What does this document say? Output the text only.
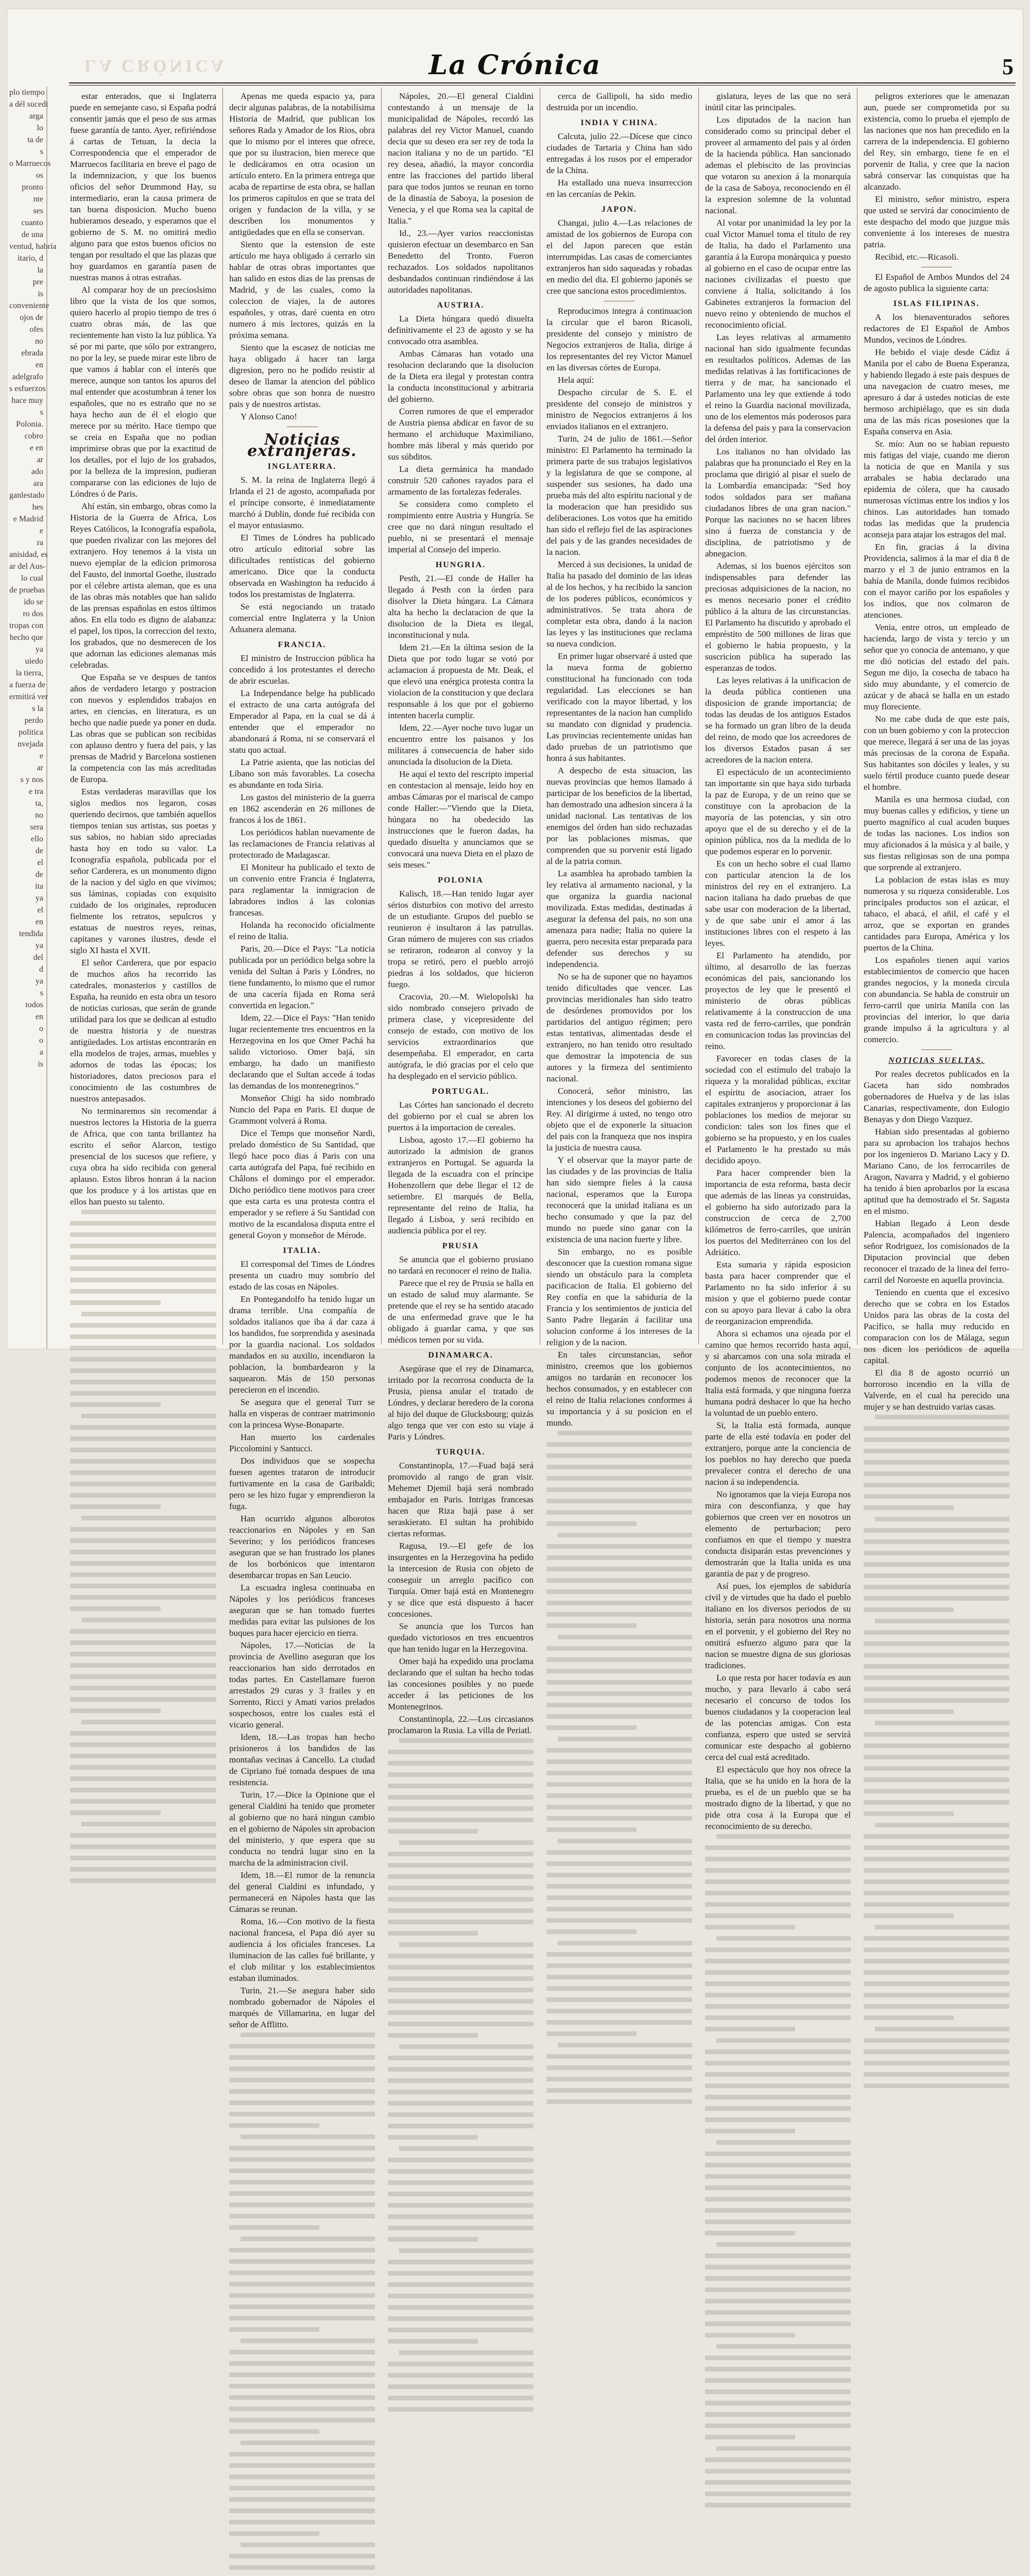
LA CRÓNICA	La Crónica	5

plo tiempo

a dél sucedi

arga

lo

ta de

s

o Marruecos

os

pronto

nte

ses

cuanto

de una

ventud, habría

itario, d

la

pre

is

conveniente

ojos de

ofes

no

ebrada

en

adelgrafo

s esfuerzos

hace muy

s

Polonia.

cobro

e en

ar

ado

ara

ganlestado

hes

e Madrid

e

ra

anisidad, es

ar del Aus-

lo cual

de pruebas

ido se

ro dos

tropas con

hecho que

ya

uiedo

la tierra,

a fuerza de

ermitirá ver

s la

perdo

politica

nvejada

e

ar

s y nos

e tra

ta,

no

sera

ello

de

el

de

ita

ya

el

en

tendida

ya

del

d

ya

s

todos

en

o

o

a

is

estar enterados, que si Inglaterra puede en semejante caso, si España podrá consentir jamás que el peso de sus armas fuese garantía de tanto. Ayer, refiriéndose á cartas de Tetuan, la decia la Correspondencia que el emperador de Marruecos facilitaria en breve el pago de la indemnizacion, y que los buenos oficios del señor Drummond Hay, su intermediario, eran la causa primera de tan buena disposicion. Mucho bueno hubieramos deseado, y esperamos que el gobierno de S. M. no omitirá medio alguno para que estos buenos oficios no tengan por resultado el que las plazas que hoy guardamos en garantía pasen de nuestras manos á otras estrañas.

Al comparar hoy de un precioslsimo libro que la vista de los que somos, quiero hacerlo al propio tiempo de tres ó cuatro obras más, de las que recientemente han visto la luz pública. Ya sé por mi parte, que sólo por extrangero, no por la ley, se puede mirar este libro de que vamos á hablar con el interés que merece, aunque son tantos los apuros del mal entender que acostumbran á tener los españoles, que no es estraño que no se haya hecho aun de él el elogio que merece por su mérito. Hace tiempo que se creia en España que no podian imprimirse obras que por la exactitud de los detalles, por el lujo de los grabados, por la belleza de la impresion, pudieran compararse con las ediciones de lujo de Lóndres ó de Paris.

Ahí están, sin embargo, obras como la Historia de la Guerra de Africa, Los Reyes Católicos, la Iconografía española, que pueden rivalizar con las mejores del extranjero. Hoy tenemos á la vista un nuevo ejemplar de la edicion primorosa del Fausto, del inmortal Goethe, ilustrado por el célebre artista aleman, que es una de las obras más notables que han salido de las prensas españolas en estos últimos años. En ella todo es digno de alabanza: el papel, los tipos, la correccion del texto, los grabados, que no desmerecen de los que adornan las ediciones alemanas más celebradas.

Que España se ve despues de tantos años de verdadero letargo y postracion con nuevos y esplendidos trabajos en artes, en ciencias, en literatura, es un hecho que nadie puede ya poner en duda. Las obras que se publican son recibidas con aplauso dentro y fuera del pais, y las prensas de Madrid y Barcelona sostienen la competencia con las más acreditadas de Europa.

Estas verdaderas maravillas que los siglos medios nos legaron, cosas queriendo decirnos, que también aquellos tiempos tenian sus artistas, sus poetas y sus sabios, no habian sido apreciadas hasta hoy en todo su valor. La Iconografía española, publicada por el señor Carderera, es un monumento digno de la nacion y del siglo en que vivimos; sus láminas, copiadas con exquisito cuidado de los originales, reproducen fielmente los retratos, sepulcros y estatuas de nuestros reyes, reinas, capitanes y varones ilustres, desde el siglo XI hasta el XVII.

El señor Carderera, que por espacio de muchos años ha recorrido las catedrales, monasterios y castillos de España, ha reunido en esta obra un tesoro de noticias curiosas, que serán de grande utilidad para los que se dedican al estudio de nuestra historia y de nuestras antigüedades. Los artistas encontrarán en ella modelos de trajes, armas, muebles y adornos de todas las épocas; los historiadores, datos preciosos para el conocimiento de las costumbres de nuestros antepasados.

No terminaremos sin recomendar á nuestros lectores la Historia de la guerra de Africa, que con tanta brillantez ha escrito el señor Alarcon, testigo presencial de los sucesos que refiere, y cuya obra ha sido recibida con general aplauso. Estos libros honran á la nacion que los produce y á los artistas que en ellos han puesto su talento.

Apenas me queda espacio ya, para decir algunas palabras, de la notabilísima Historia de Madrid, que publican los señores Rada y Amador de los Rios, obra que lo mismo por el interes que ofrece, que por su ilustracion, bien merece que le dedicáramos en otra ocasion un artículo entero. En la primera entrega que acaba de repartirse de esta obra, se hallan los primeros capítulos en que se trata del origen y fundacion de la villa, y se describen los monumentos y antigüedades que en ella se conservan.

Siento que la estension de este artículo me haya obligado á cerrarlo sin hablar de otras obras importantes que han salido en estos dias de las prensas de Madrid, y de las cuales, como la coleccion de viajes, la de autores españoles, y otras, daré cuenta en otro numero á mis lectores, quizás en la próxima semana.

Siento que la escasez de noticias me haya obligado á hacer tan larga digresion, pero no he podido resistir al deseo de llamar la atencion del público sobre obras que son honra de nuestro pais y de nuestros artistas.

Y Alonso Cano!

Noticias extranjeras.
INGLATERRA.

S. M. la reina de Inglaterra llegó á Irlanda el 21 de agosto, acompañada por el príncipe consorte, é inmediatamente marchó á Dublin, donde fué recibida con el mayor entusiasmo.

El Times de Lóndres ha publicado otro artículo editorial sobre las dificultades rentísticas del gobierno americano. Dice que la conducta observada en Washington ha reducido á todos los prestamistas de Inglaterra.

Se está negociando un tratado comercial entre Inglaterra y la Union Aduanera alemana.

FRANCIA.

El ministro de Instruccion pública ha concedido á los protestantes el derecho de abrir escuelas.

La Independance belge ha publicado el extracto de una carta autógrafa del Emperador al Papa, en la cual se dá á entender que el emperador no abandonará á Roma, ni se conservará el statu quo actual.

La Patrie asienta, que las noticias del Líbano son más favorables. La cosecha es abundante en toda Siria.

Los gastos del ministerio de la guerra en 1862 ascenderán en 26 millones de francos á los de 1861.

Los periódicos hablan nuevamente de las reclamaciones de Francia relativas al protectorado de Madagascar.

El Moniteur ha publicado el texto de un convenio entre Francia é Inglaterra, para reglamentar la inmigracion de labradores indios á las colonias francesas.

Holanda ha reconocido oficialmente el reino de Italia.

Paris, 20.—Dice el Pays: "La noticia publicada por un periódico belga sobre la venida del Sultan á Paris y Lóndres, no tiene fundamento, lo mismo que el rumor de una cacería fijada en Roma será convertida en legacion."

Idem, 22.—Dice el Pays: "Han tenido lugar recientemente tres encuentros en la Herzegovina en los que Omer Pachá ha salido victorioso. Omer bajá, sin embargo, ha dado un manifiesto declarando que el Sultan accede á todas las demandas de los montenegrinos."

Monseñor Chigi ha sido nombrado Nuncio del Papa en Paris. El duque de Grammont volverá á Roma.

Dice el Temps que monseñor Nardi, prelado doméstico de Su Santidad, que llegó hace poco dias á Paris con una carta autógrafa del Papa, fué recibido en Châlons el domingo por el emperador. Dicho periódico tiene motivos para creer que esta carta es una protesta contra el emperador y se refiere á Su Santidad con motivo de la escandalosa disputa entre el general Goyon y monseñor de Mérode.

ITALIA.

El corresponsal del Times de Lóndres presenta un cuadro muy sombrío del estado de las cosas en Nápoles.

En Pontegandolfo ha tenido lugar un drama terrible. Una compañía de soldados italianos que iba á dar caza á los bandidos, fue sorprendida y asesinada por la guardia nacional. Los soldados mandados en su auxilio, incendiaron la poblacion, la bombardearon y la saquearon. Más de 150 personas perecieron en el incendio.

Se asegura que el general Turr se halla en visperas de contraer matrimonio con la princesa Wyse-Bonaparte.

Han muerto los cardenales Piccolomini y Santucci.

Dos individuos que se sospecha fuesen agentes trataron de introducir furtivamente en la casa de Garibaldi; pero se les hizo fugar y emprendieron la fuga.

Han ocurrido algunos alborotos reaccionarios en Nápoles y en San Severino; y los periódicos franceses aseguran que se han frustrado los planes de los borbónicos que intentaron desembarcar tropas en San Leucio.

La escuadra inglesa continuaba en Nápoles y los periódicos franceses aseguran que se han tomado fuertes medidas para evitar las pulsiones de los buques para hacer ejercicio en tierra.

Nápoles, 17.—Noticias de la provincia de Avellino aseguran que los reaccionarios han sido derrotados en todas partes. En Castellamare fueron arrestados 29 curas y 3 frailes y en Sorrento, Ricci y Amati varios prelados sospechosos, entre los cuales está el vicario general.

Idem, 18.—Las tropas han hecho prisioneros á los bandidos de las montañas vecinas á Cancello. La ciudad de Cipriano fué tomada despues de una resistencia.

Turin, 17.—Dice la Opinione que el general Cialdini ha tenido que prometer al gobierno que no hará ningun cambio en el gobierno de Nápoles sin aprobacion del ministerio, y que espera que su conducta no tendrá lugar sino en la marcha de la administracion civil.

Idem, 18.—El rumor de la renuncia del general Cialdini es infundado, y permanecerá en Nápoles hasta que las Cámaras se reunan.

Roma, 16.—Con motivo de la fiesta nacional francesa, el Papa dió ayer su audiencia á los oficiales franceses. La iluminacion de las calles fué brillante, y el club militar y los establecimientos estaban iluminados.

Turin, 21.—Se asegura haber sido nombrado gobernador de Nápoles el marqués de Villamarina, en lugar del señor de Afflitto.

Nápoles, 20.—El general Cialdini contestando á un mensaje de la municipalidad de Nápoles, recordó las palabras del rey Victor Manuel, cuando decia que su deseo era ser rey de toda la nacion italiana y no de un partido. "El rey desea, añadió, la mayor concordia entre las fracciones del partido liberal para que todos juntos se reunan en torno de la dinastía de Saboya, la posesion de Venecia, y el que Roma sea la capital de Italia."

Id., 23.—Ayer varios reaccionistas quisieron efectuar un desembarco en San Benedetto del Tronto. Fueron rechazados. Los soldados napolitanos desbandados continuan rindiéndose á las autoridades napolitanas.

AUSTRIA.

La Dieta húngara quedó disuelta definitivamente el 23 de agosto y se ha convocado otra asamblea.

Ambas Cámaras han votado una resolucion declarando que la disolucion de la Dieta era ilegal y protestan contra la conducta inconstitucional y arbitraria del gobierno.

Corren rumores de que el emperador de Austria piensa abdicar en favor de su hermano el archiduque Maximiliano, hombre más liberal y más querido por sus súbditos.

La dieta germánica ha mandado construir 520 cañones rayados para el armamento de las fortalezas federales.

Se considera como completo el rompimiento entre Austria y Hungría. Se cree que no dará ningun resultado el pueblo, ni se presentará el mensaje imperial al Consejo del imperio.

HUNGRIA.

Pesth, 21.—El conde de Haller ha llegado á Pesth con la órden para disolver la Dieta húngara. La Cámara alta ha hecho la declaracion de que la disolucion de la Dieta es ilegal, inconstitucional y nula.

Idem 21.—En la última sesion de la Dieta que por todo lugar se votó por aclamacion á propuesta de Mr. Deak, el que elevó una enérgica protesta contra la violacion de la constitucion y que declara responsable á los que por el gobierno intenten hacerla cumplir.

Idem, 22.—Ayer noche tuvo lugar un encuentro entre los paisanos y los militares á consecuencia de haber sido anunciada la disolucion de la Dieta.

He aquí el texto del rescripto imperial en contestacion al mensaje, leido hoy en ambas Cámaras por el mariscal de campo conde Haller:—"Viendo que la Dieta, húngara no ha obedecido las instrucciones que le fueron dadas, ha quedado disuelta y anunciamos que se convocará una nueva Dieta en el plazo de seis meses."

POLONIA

Kalisch, 18.—Han tenido lugar ayer sérios disturbios con motivo del arresto de un estudiante. Grupos del pueblo se reunieron é insultaron á las patrullas. Gran número de mujeres con sus criados se retiraron, rodearon al convoy y la tropa se retiró, pero el pueblo arrojó piedras á los soldados, que hicieron fuego.

Cracovia, 20.—M. Wielopolski ha sido nombrado consejero privado de primera clase, y vicepresidente del consejo de estado, con motivo de los servicios extraordinarios que desempeñaba. El emperador, en carta autógrafa, le dió gracias por el celo que ha desplegado en el servicio público.

PORTUGAL.

Las Córtes han sancionado el decreto del gobierno por el cual se abren los puertos á la importacion de cereales.

Lisboa, agosto 17.—El gobierno ha autorizado la admision de granos extranjeros en Portugal. Se aguarda la llegada de la escuadra con el príncipe Hohenzollern que debe llegar el 12 de setiembre. El marqués de Bella, representante del reino de Italia, ha llegado á Lisboa, y será recibido en audiencia pública por el rey.

PRUSIA

Se anuncia que el gobierno prusiano no tardará en reconocer el reino de Italia.

Parece que el rey de Prusia se halla en un estado de salud muy alarmante. Se pretende que el rey se ha sentido atacado de una enfermedad grave que le ha obligado á guardar cama, y que sus médicos temen por su vida.

DINAMARCA.

Asegúrase que el rey de Dinamarca, irritado por la recorrosa conducta de la Prusia, piensa anular el tratado de Lóndres, y declarar heredero de la corona al hijo del duque de Glucksbourg; quizás algo tenga que ver con esto su viaje á Paris y Lóndres.

TURQUIA.

Constantinopla, 17.—Fuad bajá será promovido al rango de gran visir. Mehemet Djemil bajá será nombrado embajador en Paris. Intrigas francesas hacen que Riza bajá pase á ser seraskierato. El sultan ha prohibido ciertas reformas.

Ragusa, 19.—El gefe de los insurgentes en la Herzegovina ha pedido la intercesion de Rusia con objeto de conseguir un arreglo pacífico con Turquía. Omer bajá está en Montenegro y se dice que está dispuesto á hacer concesiones.

Se anuncia que los Turcos han quedado victoriosos en tres encuentros que han tenido lugar en la Herzegovina.

Omer bajá ha expedido una proclama declarando que el sultan ha hecho todas las concesiones posibles y no puede acceder á las peticiones de los Montenegrinos.

Constantinopla, 22.—Los circasianos proclamaron la Rusia. La villa de Periatl.

cerca de Gallipoli, ha sido medio destruida por un incendio.

INDIA Y CHINA.

Calcuta, julio 22.—Dícese que cinco ciudades de Tartaria y China han sido entregadas á los rusos por el emperador de la China.

Ha estallado una nueva insurreccion en las cercanías de Pekin.

JAPON.

Changai, julio 4.—Las relaciones de amistad de los gobiernos de Europa con el del Japon parecen que están interrumpidas. Las casas de comerciantes extranjeros han sido saqueadas y robadas en medio del dia. El gobierno japonés se cree que sanciona estos procedimientos.

Reproducimos integra á continuacion la circular que el baron Ricasoli, presidente del consejo y ministro de Negocios extranjeros de Italia, dirige á los representantes del rey Victor Manuel en las diversas córtes de Europa.

Hela aquí:

Despacho circular de S. E. el presidente del consejo de ministros y ministro de Negocios extranjeros á los enviados italianos en el extranjero.

Turin, 24 de julio de 1861.—Señor ministro: El Parlamento ha terminado la primera parte de sus trabajos legislativos y la legislatura de que se compone, al suspender sus sesiones, ha dado una prueba más del alto espíritu nacional y de la moderacion que han presidido sus deliberaciones. Los votos que ha emitido han sido el reflejo fiel de las aspiraciones del pais y de las grandes necesidades de la nacion.

Merced á sus decisiones, la unidad de Italia ha pasado del dominio de las ideas al de los hechos, y ha recibido la sancion de los poderes públicos, económicos y administrativos. Se trata ahora de completar esta obra, dando á la nacion las leyes y las instituciones que reclama su nueva condicion.

En primer lugar observaré á usted que la nueva forma de gobierno constitucional ha funcionado con toda regularidad. Las elecciones se han verificado con la mayor libertad, y los representantes de la nacion han cumplido su mandato con dignidad y prudencia. Las provincias recientemente unidas han dado pruebas de un patriotismo que honra á sus habitantes.

A despecho de esta situacion, las nuevas provincias que hemos llamado á participar de los beneficios de la libertad, han demostrado una adhesion sincera á la unidad nacional. Las tentativas de los enemigos del órden han sido rechazadas por las poblaciones mismas, que comprenden que su porvenir está ligado al de la patria comun.

La asamblea ha aprobado tambien la ley relativa al armamento nacional, y la que organiza la guardia nacional movilizada. Estas medidas, destinadas á asegurar la defensa del pais, no son una amenaza para nadie; Italia no quiere la guerra, pero necesita estar preparada para defender sus derechos y su independencia.

No se ha de suponer que no hayamos tenido dificultades que vencer. Las provincias meridionales han sido teatro de desórdenes promovidos por los partidarios del antiguo régimen; pero estas tentativas, alimentadas desde el extranjero, no han tenido otro resultado que demostrar la impotencia de sus autores y la firmeza del sentimiento nacional.

Conocerá, señor ministro, las intenciones y los deseos del gobierno del Rey. Al dirigirme á usted, no tengo otro objeto que el de exponerle la situacion del pais con la franqueza que nos inspira la justicia de nuestra causa.

Y el observar que la mayor parte de las ciudades y de las provincias de Italia han sido siempre fieles á la causa nacional, esperamos que la Europa reconocerá que la unidad italiana es un hecho consumado y que la paz del mundo no puede sino ganar con la existencia de una nacion fuerte y libre.

Sin embargo, no es posible desconocer que la cuestion romana sigue siendo un obstáculo para la completa pacificacion de Italia. El gobierno del Rey confía en que la sabiduría de la Francia y los sentimientos de justicia del Santo Padre llegarán á facilitar una solucion conforme á los intereses de la religion y de la nacion.

En tales circunstancias, señor ministro, creemos que los gobiernos amigos no tardarán en reconocer los hechos consumados, y en establecer con el reino de Italia relaciones conformes á su importancia y á su posicion en el mundo.

gislatura, leyes de las que no será inútil citar las principales.

Los diputados de la nacion han considerado como su principal deber el proveer al armamento del pais y al órden de la hacienda pública. Han sancionado ademas el plebiscito de las provincias que votaron su anexion á la monarquía de la casa de Saboya, reconociendo en él la expresion solemne de la voluntad nacional.

Al votar por unanimidad la ley por la cual Victor Manuel toma el título de rey de Italia, ha dado el Parlamento una garantía á la Europa monárquica y puesto al gobierno en el caso de ocupar entre las naciones civilizadas el puesto que conviene á Italia, solicitando á los Gabinetes extranjeros la formacion del nuevo reino y obteniendo de muchos el reconocimiento oficial.

Las leyes relativas al armamento nacional han sido igualmente fecundas en resultados políticos. Ademas de las medidas relativas á las fortificaciones de tierra y de mar, ha sancionado el Parlamento una ley que extiende á todo el reino la Guardia nacional movilizada, uno de los elementos más poderosos para la defensa del pais y para la conservacion del órden interior.

Los italianos no han olvidado las palabras que ha pronunciado el Rey en la proclama que dirigió al pisar el suelo de la Lombardía emancipada: "Sed hoy todos soldados para ser mañana ciudadanos libres de una gran nacion." Porque las naciones no se hacen libres sino á fuerza de constancia y de disciplina, de patriotismo y de abnegacion.

Ademas, si los buenos ejércitos son indispensables para defender las preciosas adquisiciones de la nacion, no es menos necesario poner el crédito público á la altura de las circunstancias. El Parlamento ha discutido y aprobado el empréstito de 500 millones de liras que el gobierno le habia propuesto, y la suscricion pública ha superado las esperanzas de todos.

Las leyes relativas á la unificacion de la deuda pública contienen una disposicion de grande importancia; de todas las deudas de los antiguos Estados se ha formado un gran libro de la deuda del reino, de modo que los acreedores de los diversos Estados pasan á ser acreedores de la nacion entera.

El espectáculo de un acontecimiento tan importante sin que haya sido turbada la paz de Europa, y de un reino que se constituye con la aprobacion de la mayoría de las potencias, y sin otro apoyo que el de su derecho y el de la opinion pública, nos da la medida de lo que podemos esperar en lo porvenir.

Es con un hecho sobre el cual llamo con particular atencion la de los ministros del rey en el extranjero. La nacion italiana ha dado pruebas de que sabe usar con moderacion de la libertad, y de que sabe unir el amor á las instituciones libres con el respeto á las leyes.

El Parlamento ha atendido, por último, al desarrollo de las fuerzas económicas del pais, sancionando los proyectos de ley que le presentó el ministerio de obras públicas relativamente á la construccion de una vasta red de ferro-carriles, que pondrán en comunicacion todas las provincias del reino.

Favorecer en todas clases de la sociedad con el estímulo del trabajo la riqueza y la moralidad públicas, excitar el espíritu de asociacion, atraer los capitales extranjeros y proporcionar á las poblaciones los medios de mejorar su condicion: tales son los fines que el gobierno se ha propuesto, y en los cuales el Parlamento le ha prestado su más decidido apoyo.

Para hacer comprender bien la importancia de esta reforma, basta decir que además de las lineas ya construidas, el gobierno ha sido autorizado para la construccion de cerca de 2,700 kilómetros de ferro-carriles, que unirán los puertos del Mediterráneo con los del Adriático.

Esta sumaria y rápida esposicion basta para hacer comprender que el Parlamento no ha sido inferior á su mision y que el gobierno puede contar con su apoyo para llevar á cabo la obra de reorganizacion emprendida.

Ahora si echamos una ojeada por el camino que hemos recorrido hasta aquí, y si abarcamos con una sola mirada el conjunto de los acontecimientos, no podemos menos de reconocer que la Italia está formada, y que ninguna fuerza humana podrá deshacer lo que ha hecho la voluntad de un pueblo entero.

Si, la Italia está formada, aunque parte de ella esté todavía en poder del extranjero, porque ante la conciencia de los pueblos no hay derecho que pueda prevalecer contra el derecho de una nacion á su independencia.

No ignoramos que la vieja Europa nos mira con desconfianza, y que hay gobiernos que creen ver en nosotros un elemento de perturbacion; pero confiamos en que el tiempo y nuestra conducta disiparán estas prevenciones y demostrarán que la Italia unida es una garantía de paz y de progreso.

Así pues, los ejemplos de sabiduría civil y de virtudes que ha dado el pueblo italiano en los diversos periodos de su historia, serán para nosotros una norma en el porvenir, y el gobierno del Rey no omitirá esfuerzo alguno para que la nacion se muestre digna de sus gloriosas tradiciones.

Lo que resta por hacer todavía es aun mucho, y para llevarlo á cabo será necesario el concurso de todos los buenos ciudadanos y la cooperacion leal de las potencias amigas. Con esta confianza, espero que usted se servirá comunicar este despacho al gobierno cerca del cual está acreditado.

El espectáculo que hoy nos ofrece la Italia, que se ha unido en la hora de la prueba, es el de un pueblo que se ha mostrado digno de la libertad, y que no pide otra cosa á la Europa que el reconocimiento de su derecho.

peligros exteriores que le amenazan aun, puede ser comprometida por su existencia, como lo prueba el ejemplo de las naciones que nos han precedido en la carrera de la independencia. El gobierno del Rey, sin embargo, tiene fe en el porvenir de Italia, y cree que la nacion sabrá conservar las conquistas que ha alcanzado.

El ministro, señor ministro, espera que usted se servirá dar conocimiento de este despacho del modo que juzgue más conveniente á los intereses de nuestra patria.

Recibid, etc.—Ricasoli.

El Español de Ambos Mundos del 24 de agosto publica la siguiente carta:

ISLAS FILIPINAS.

A los bienaventurados señores redactores de El Español de Ambos Mundos, vecinos de Lóndres.

He bebido el viaje desde Cádiz á Manila por el cabo de Buena Esperanza, y habiendo llegado á este pais despues de una navegacion de cuatro meses, me apresuro á dar á ustedes noticias de este hermoso archipiélago, que es sin duda una de las más ricas posesiones que la España conserva en Asia.

Sr. mío: Aun no se habian repuesto mis fatigas del viaje, cuando me dieron la noticia de que en Manila y sus arrabales se habia declarado una epidemia de cólera, que ha causado numerosas víctimas entre los indios y los chinos. Las autoridades han tomado todas las medidas que la prudencia aconseja para atajar los estragos del mal.

En fin, gracias á la divina Providencia, salimos á la mar el dia 8 de marzo y el 3 de junio entramos en la bahía de Manila, donde fuimos recibidos con el mayor cariño por los españoles y los indios, que nos colmaron de atenciones.

Venia, entre otros, un empleado de hacienda, largo de vista y tercio y un señor que yo conocia de antemano, y que me dió noticias del estado del pais. Segun me dijo, la cosecha de tabaco ha sido muy abundante, y el comercio de azúcar y de abacá se halla en un estado muy floreciente.

No me cabe duda de que este pais, con un buen gobierno y con la proteccion que merece, llegará á ser una de las joyas más preciosas de la corona de España. Sus habitantes son dóciles y leales, y su suelo fértil produce cuanto puede desear el hombre.

Manila es una hermosa ciudad, con muy buenas calles y edificios, y tiene un puerto magnífico al cual acuden buques de todas las naciones. Los indios son muy aficionados á la música y al baile, y sus fiestas religiosas son de una pompa que sorprende al extranjero.

La poblacion de estas islas es muy numerosa y su riqueza considerable. Los principales productos son el azúcar, el tabaco, el abacá, el añil, el café y el arroz, que se exportan en grandes cantidades para Europa, América y los puertos de la China.

Los españoles tienen aquí varios establecimientos de comercio que hacen grandes negocios, y la moneda circula con abundancia. Se habla de construir un ferro-carril que uniria Manila con las provincias del interior, lo que daria grande impulso á la agricultura y al comercio.

NOTICIAS SUELTAS.

Por reales decretos publicados en la Gaceta han sido nombrados gobernadores de Huelva y de las islas Canarias, respectivamente, don Eulogio Benayas y don Diego Vazquez.

Habian sido presentadas al gobierno para su aprobacion los trabajos hechos por los ingenieros D. Mariano Lacy y D. Mariano Cano, de los ferrocarriles de Aragon, Navarra y Madrid, y el gobierno ha tenido á bien aprobarlos por la escasa aptitud que ha demostrado el Sr. Sagasta en el mismo.

Habian llegado á Leon desde Palencia, acompañados del ingeniero señor Rodriguez, los comisionados de la Diputacion provincial que deben reconocer el trazado de la linea del ferro-carril del Noroeste en aquella provincia.

Teniendo en cuenta que el excesivo derecho que se cobra en los Estados Unidos para las obras de la costa del Pacífico, se halla muy reducido en comparacion con los de Málaga, segun nos dicen los periódicos de aquella capital.

El dia 8 de agosto ocurrió un horroroso incendio en la villa de Valverde, en el cual ha perecido una mujer y se han destruido varias casas.
